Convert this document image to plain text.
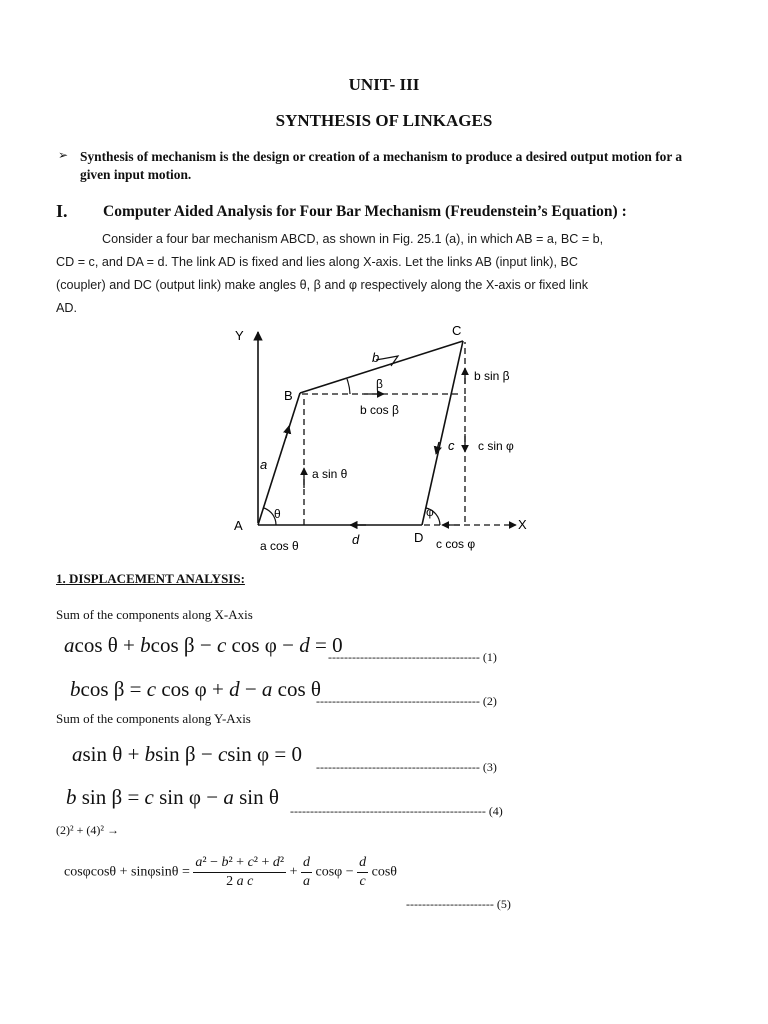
UNIT- III
SYNTHESIS OF LINKAGES
➢ Synthesis of mechanism is the design or creation of a mechanism to produce a desired output motion for a given input motion.
I. Computer Aided Analysis for Four Bar Mechanism (Freudenstein’s Equation) :

Consider a four bar mechanism ABCD, as shown in Fig. 25.1 (a), in which AB = a, BC = b,

CD = c, and DA = d. The link AD is fixed and lies along X-axis. Let the links AB (input link), BC

(coupler) and DC (output link) make angles θ, β and φ respectively along the X-axis or fixed link

AD.

Y
A
B
C
D
a
b
c
d
θ
β
φ
a sin θ
a cos θ
b sin β
b cos β
c sin φ
c cos φ
X
1. DISPLACEMENT ANALYSIS:
Sum of the components along X-Axis
acos θ + bcos β − c cos φ − d = 0
-------------------------------------- (1)
bcos β = c cos φ + d − a cos θ
----------------------------------------- (2)
Sum of the components along Y-Axis
asin θ + bsin β − csin φ = 0
----------------------------------------- (3)
b sin β = c sin φ − a sin θ
------------------------------------------------- (4)
(2)² + (4)² →
$\cos\varphi\cos\theta + \sin\varphi\sin\theta = \frac{\text{a² − b² + c² + d²}}{\text{2 a c}} + \frac{d}{a}$ $\cos\varphi - \frac{d}{c}$ cosθ
---------------------- (5)
